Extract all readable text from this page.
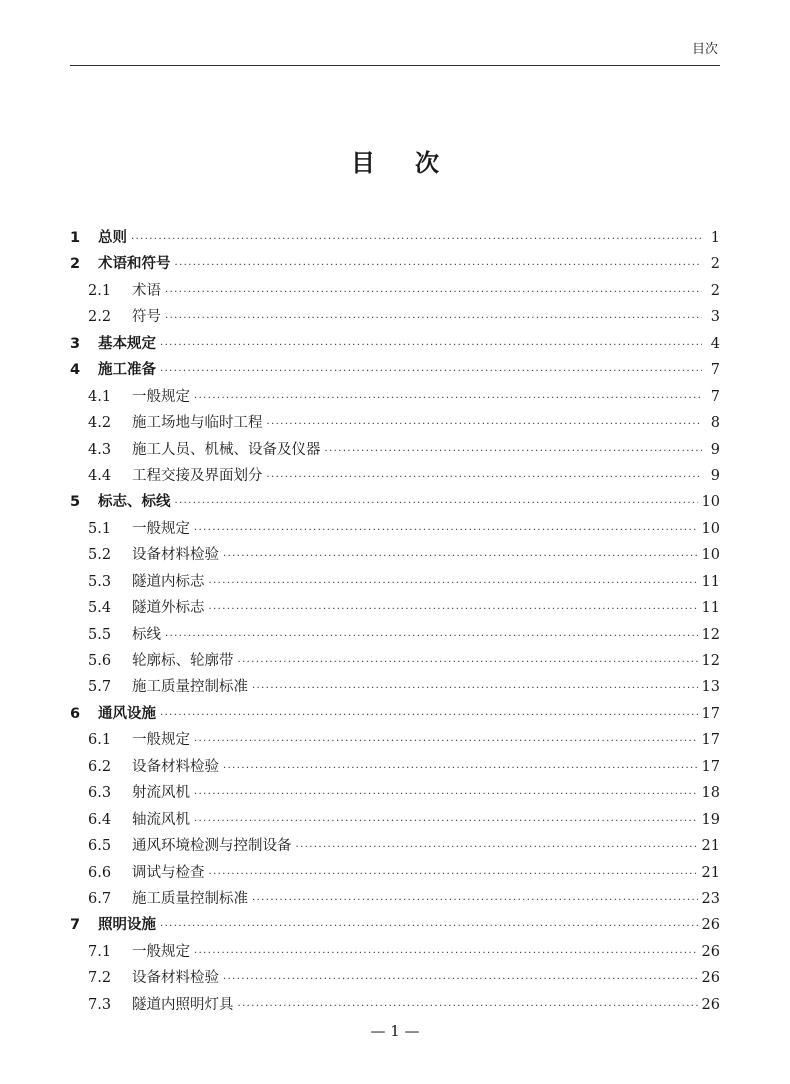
目次
目次
1	总则 ·····	1
2	术语和符号 ·····	2
2.1	术语 ·····	2
2.2	符号 ·····	3
3	基本规定 ·····	4
4	施工准备 ·····	7
4.1	一般规定 ·····	7
4.2	施工场地与临时工程 ·····	8
4.3	施工人员、机械、设备及仪器 ·····	9
4.4	工程交接及界面划分 ·····	9
5	标志、标线 ·····	10
5.1	一般规定 ·····	10
5.2	设备材料检验 ·····	10
5.3	隧道内标志 ·····	11
5.4	隧道外标志 ·····	11
5.5	标线 ·····	12
5.6	轮廓标、轮廓带 ·····	12
5.7	施工质量控制标准 ·····	13
6	通风设施 ·····	17
6.1	一般规定 ·····	17
6.2	设备材料检验 ·····	17
6.3	射流风机 ·····	18
6.4	轴流风机 ·····	19
6.5	通风环境检测与控制设备 ·····	21
6.6	调试与检查 ·····	21
6.7	施工质量控制标准 ·····	23
7	照明设施 ·····	26
7.1	一般规定 ·····	26
7.2	设备材料检验 ·····	26
7.3	隧道内照明灯具 ·····	26
— 1 —
